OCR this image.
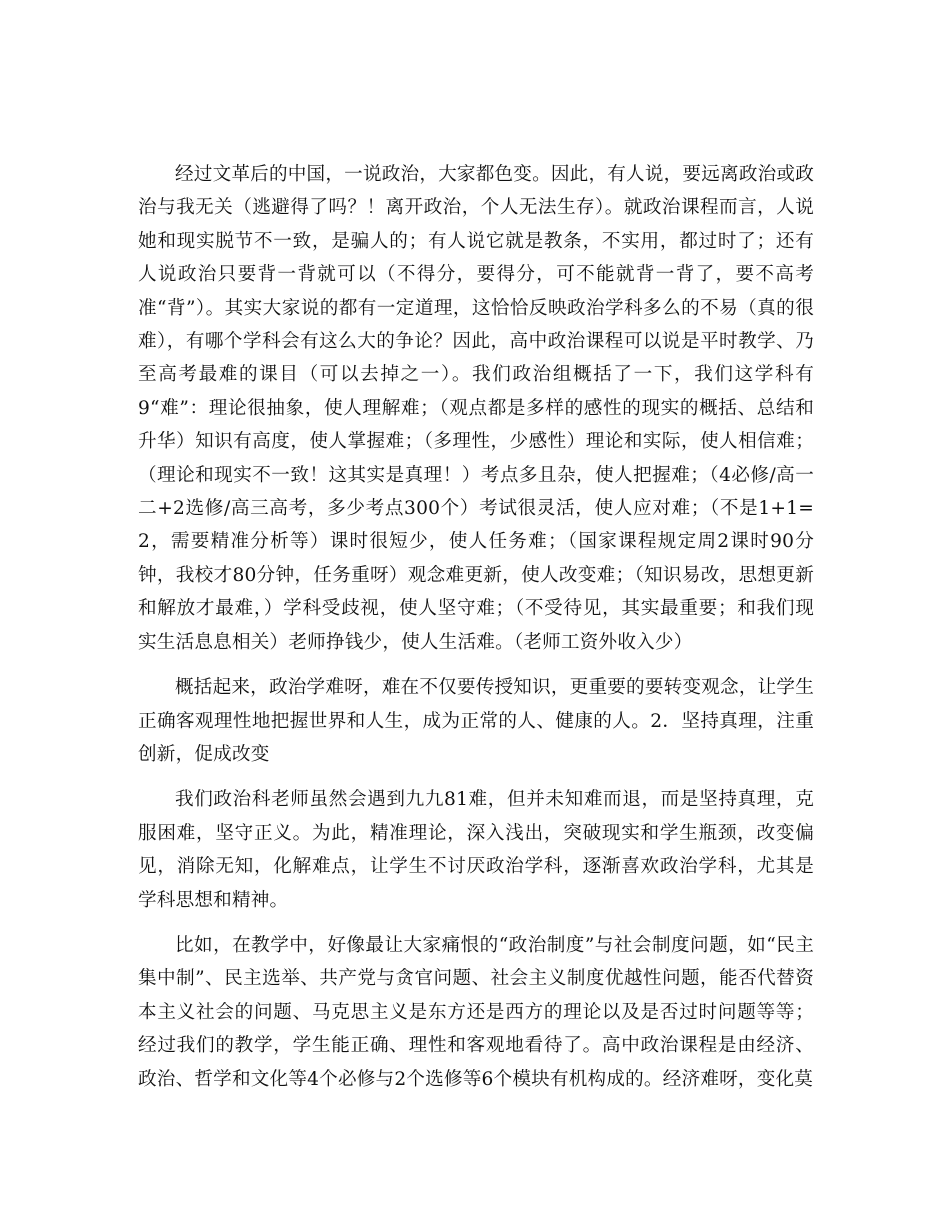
经过文革后的中国，一说政治，大家都色变。因此，有人说，要远离政治或政治与我无关（逃避得了吗？！离开政治，个人无法生存）。就政治课程而言，人说她和现实脱节不一致，是骗人的；有人说它就是教条，不实用，都过时了；还有人说政治只要背一背就可以（不得分，要得分，可不能就背一背了，要不高考准“背”）。其实大家说的都有一定道理，这恰恰反映政治学科多么的不易（真的很难），有哪个学科会有这么大的争论？因此，高中政治课程可以说是平时教学、乃至高考最难的课目（可以去掉之一）。我们政治组概括了一下，我们这学科有9“难”：理论很抽象，使人理解难；（观点都是多样的感性的现实的概括、总结和升华）知识有高度，使人掌握难；（多理性，少感性）理论和实际，使人相信难；（理论和现实不一致！这其实是真理！）考点多且杂，使人把握难；（4必修/高一二+2选修/高三高考，多少考点300个）考试很灵活，使人应对难；（不是1+1=2，需要精准分析等）课时很短少，使人任务难；（国家课程规定周2课时90分钟，我校才80分钟，任务重呀）观念难更新，使人改变难；（知识易改，思想更新和解放才最难，）学科受歧视，使人坚守难；（不受待见，其实最重要；和我们现实生活息息相关）老师挣钱少，使人生活难。（老师工资外收入少）

概括起来，政治学难呀，难在不仅要传授知识，更重要的要转变观念，让学生正确客观理性地把握世界和人生，成为正常的人、健康的人。2．坚持真理，注重创新，促成改变

我们政治科老师虽然会遇到九九81难，但并未知难而退，而是坚持真理，克服困难，坚守正义。为此，精准理论，深入浅出，突破现实和学生瓶颈，改变偏见，消除无知，化解难点，让学生不讨厌政治学科，逐渐喜欢政治学科，尤其是学科思想和精神。

比如，在教学中，好像最让大家痛恨的“政治制度”与社会制度问题，如“民主集中制”、民主选举、共产党与贪官问题、社会主义制度优越性问题，能否代替资本主义社会的问题、马克思主义是东方还是西方的理论以及是否过时问题等等；经过我们的教学，学生能正确、理性和客观地看待了。高中政治课程是由经济、政治、哲学和文化等4个必修与2个选修等6个模块有机构成的。经济难呀，变化莫
